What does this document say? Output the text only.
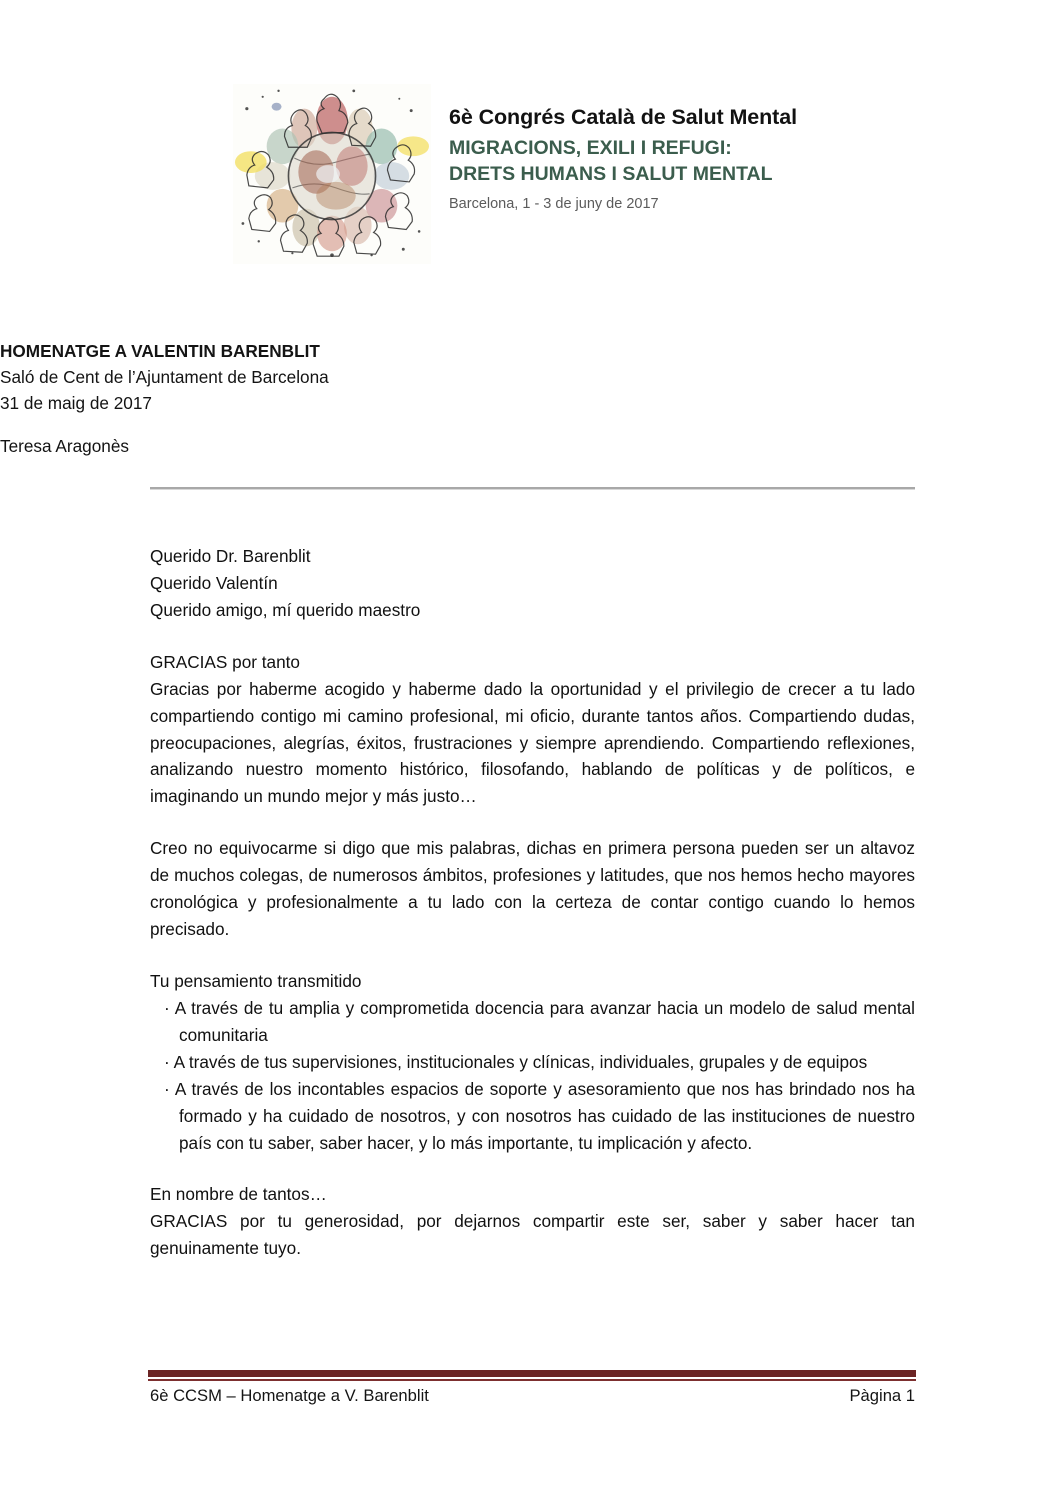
6è Congrés Català de Salut Mental
MIGRACIONS, EXILI I REFUGI:
DRETS HUMANS I SALUT MENTAL
Barcelona, 1 - 3 de juny de 2017
HOMENATGE A VALENTIN BARENBLIT
Saló de Cent de l’Ajuntament de Barcelona
31 de maig de 2017
Teresa Aragonès

Querido Dr. Barenblit

Querido Valentín

Querido amigo, mí querido maestro

GRACIAS por tanto

Gracias por haberme acogido y haberme dado la oportunidad y el privilegio de crecer a tu lado compartiendo contigo mi camino profesional, mi oficio, durante tantos años. Compartiendo dudas, preocupaciones, alegrías, éxitos, frustraciones y siempre aprendiendo. Compartiendo reflexiones, analizando nuestro momento histórico, filosofando, hablando de políticas y de políticos, e imaginando un mundo mejor y más justo…

Creo no equivocarme si digo que mis palabras, dichas en primera persona pueden ser un altavoz de muchos colegas, de numerosos ámbitos, profesiones y latitudes, que nos hemos hecho mayores cronológica y profesionalmente a tu lado con la certeza de contar contigo cuando lo hemos precisado.

Tu pensamiento transmitido

· A través de tu amplia y comprometida docencia para avanzar hacia un modelo de salud mental comunitaria

· A través de tus supervisiones, institucionales y clínicas, individuales, grupales y de equipos

· A través de los incontables espacios de soporte y asesoramiento que nos has brindado nos ha formado y ha cuidado de nosotros, y con nosotros has cuidado de las instituciones de nuestro país con tu saber, saber hacer, y lo más importante, tu implicación y afecto.

En nombre de tantos…

GRACIAS por tu generosidad, por dejarnos compartir este ser, saber y saber hacer tan genuinamente tuyo.

6è CCSM – Homenatge a V. Barenblit	Pàgina 1
